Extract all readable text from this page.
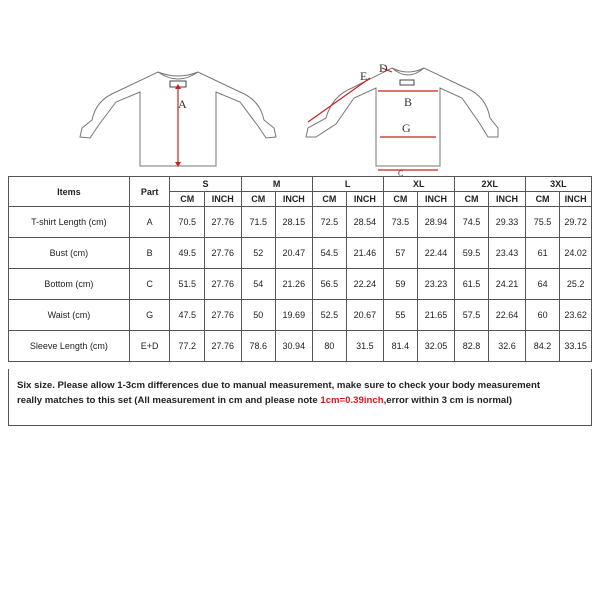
A	B
G
C
D
E
Items	Part	S		M		L		XL		2XL		3XL	
		CM	INCH	CM	INCH	CM	INCH	CM	INCH	CM	INCH	CM	INCH
T-shirt Length (cm)	A	70.5	27.76	71.5	28.15	72.5	28.54	73.5	28.94	74.5	29.33	75.5	29.72
Bust (cm)	B	49.5	27.76	52	20.47	54.5	21.46	57	22.44	59.5	23.43	61	24.02
Bottom (cm)	C	51.5	27.76	54	21.26	56.5	22.24	59	23.23	61.5	24.21	64	25.2
Waist (cm)	G	47.5	27.76	50	19.69	52.5	20.67	55	21.65	57.5	22.64	60	23.62
Sleeve Length (cm)	E+D	77.2	27.76	78.6	30.94	80	31.5	81.4	32.05	82.8	32.6	84.2	33.15
Six size. Please allow 1-3cm differences due to manual measurement, make sure to check your body measurement
really matches to this set (All measurement in cm and please note 1cm=0.39inch,error within 3 cm is normal)
